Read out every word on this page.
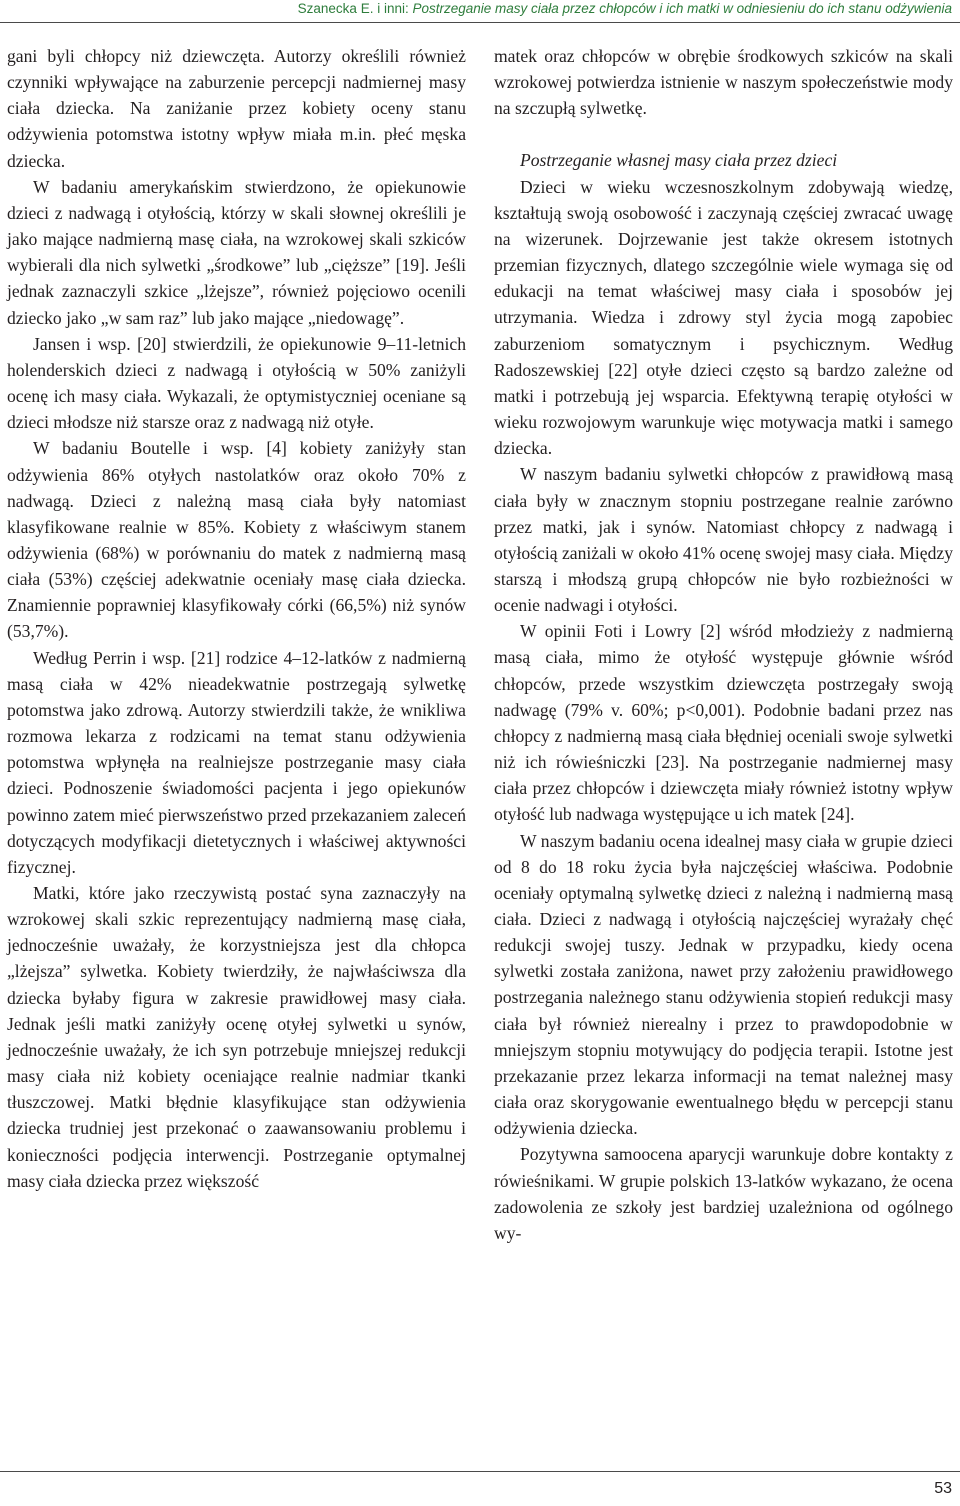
Szanecka E. i inni: Postrzeganie masy ciała przez chłopców i ich matki w odniesieniu do ich stanu odżywienia

gani byli chłopcy niż dziewczęta. Autorzy określili również czynniki wpływające na zaburzenie percepcji nadmiernej masy ciała dziecka. Na zaniżanie przez kobiety oceny stanu odżywienia potomstwa istotny wpływ miała m.in. płeć męska dziecka.

W badaniu amerykańskim stwierdzono, że opiekunowie dzieci z nadwagą i otyłością, którzy w skali słownej określili je jako mające nadmierną masę ciała, na wzrokowej skali szkiców wybierali dla nich sylwetki „środkowe” lub „cięższe” [19]. Jeśli jednak zaznaczyli szkice „lżejsze”, również pojęciowo ocenili dziecko jako „w sam raz” lub jako mające „niedowagę”.

Jansen i wsp. [20] stwierdzili, że opiekunowie 9–11-letnich holenderskich dzieci z nadwagą i otyłością w 50% zaniżyli ocenę ich masy ciała. Wykazali, że optymistyczniej oceniane są dzieci młodsze niż starsze oraz z nadwagą niż otyłe.

W badaniu Boutelle i wsp. [4] kobiety zaniżyły stan odżywienia 86% otyłych nastolatków oraz około 70% z nadwagą. Dzieci z należną masą ciała były natomiast klasyfikowane realnie w 85%. Kobiety z właściwym stanem odżywienia (68%) w porównaniu do matek z nadmierną masą ciała (53%) częściej adekwatnie oceniały masę ciała dziecka. Znamiennie poprawniej klasyfikowały córki (66,5%) niż synów (53,7%).

Według Perrin i wsp. [21] rodzice 4–12-latków z nadmierną masą ciała w 42% nieadekwatnie postrzegają sylwetkę potomstwa jako zdrową. Autorzy stwierdzili także, że wnikliwa rozmowa lekarza z rodzicami na temat stanu odżywienia potomstwa wpłynęła na realniejsze postrzeganie masy ciała dzieci. Podnoszenie świadomości pacjenta i jego opiekunów powinno zatem mieć pierwszeństwo przed przekazaniem zaleceń dotyczących modyfikacji dietetycznych i właściwej aktywności fizycznej.

Matki, które jako rzeczywistą postać syna zaznaczyły na wzrokowej skali szkic reprezentujący nadmierną masę ciała, jednocześnie uważały, że korzystniejsza jest dla chłopca „lżejsza” sylwetka. Kobiety twierdziły, że najwłaściwsza dla dziecka byłaby figura w zakresie prawidłowej masy ciała. Jednak jeśli matki zaniżyły ocenę otyłej sylwetki u synów, jednocześnie uważały, że ich syn potrzebuje mniejszej redukcji masy ciała niż kobiety oceniające realnie nadmiar tkanki tłuszczowej. Matki błędnie klasyfikujące stan odżywienia dziecka trudniej jest przekonać o zaawansowaniu problemu i konieczności podjęcia interwencji. Postrzeganie optymalnej masy ciała dziecka przez większość

matek oraz chłopców w obrębie środkowych szkiców na skali wzrokowej potwierdza istnienie w naszym społeczeństwie mody na szczupłą sylwetkę.

Postrzeganie własnej masy ciała przez dzieci

Dzieci w wieku wczesnoszkolnym zdobywają wiedzę, kształtują swoją osobowość i zaczynają częściej zwracać uwagę na wizerunek. Dojrzewanie jest także okresem istotnych przemian fizycznych, dlatego szczególnie wiele wymaga się od edukacji na temat właściwej masy ciała i sposobów jej utrzymania. Wiedza i zdrowy styl życia mogą zapobiec zaburzeniom somatycznym i psychicznym. Według Radoszewskiej [22] otyłe dzieci często są bardzo zależne od matki i potrzebują jej wsparcia. Efektywną terapię otyłości w wieku rozwojowym warunkuje więc motywacja matki i samego dziecka.

W naszym badaniu sylwetki chłopców z prawidłową masą ciała były w znacznym stopniu postrzegane realnie zarówno przez matki, jak i synów. Natomiast chłopcy z nadwagą i otyłością zaniżali w około 41% ocenę swojej masy ciała. Między starszą i młodszą grupą chłopców nie było rozbieżności w ocenie nadwagi i otyłości.

W opinii Foti i Lowry [2] wśród młodzieży z nadmierną masą ciała, mimo że otyłość występuje głównie wśród chłopców, przede wszystkim dziewczęta postrzegały swoją nadwagę (79% v. 60%; p<0,001). Podobnie badani przez nas chłopcy z nadmierną masą ciała błędniej oceniali swoje sylwetki niż ich rówieśniczki [23]. Na postrzeganie nadmiernej masy ciała przez chłopców i dziewczęta miały również istotny wpływ otyłość lub nadwaga występujące u ich matek [24].

W naszym badaniu ocena idealnej masy ciała w grupie dzieci od 8 do 18 roku życia była najczęściej właściwa. Podobnie oceniały optymalną sylwetkę dzieci z należną i nadmierną masą ciała. Dzieci z nadwagą i otyłością najczęściej wyrażały chęć redukcji swojej tuszy. Jednak w przypadku, kiedy ocena sylwetki została zaniżona, nawet przy założeniu prawidłowego postrzegania należnego stanu odżywienia stopień redukcji masy ciała był również nierealny i przez to prawdopodobnie w mniejszym stopniu motywujący do podjęcia terapii. Istotne jest przekazanie przez lekarza informacji na temat należnej masy ciała oraz skorygowanie ewentualnego błędu w percepcji stanu odżywienia dziecka.

Pozytywna samoocena aparycji warunkuje dobre kontakty z rówieśnikami. W grupie polskich 13-latków wykazano, że ocena zadowolenia ze szkoły jest bardziej uzależniona od ogólnego wy-

53
